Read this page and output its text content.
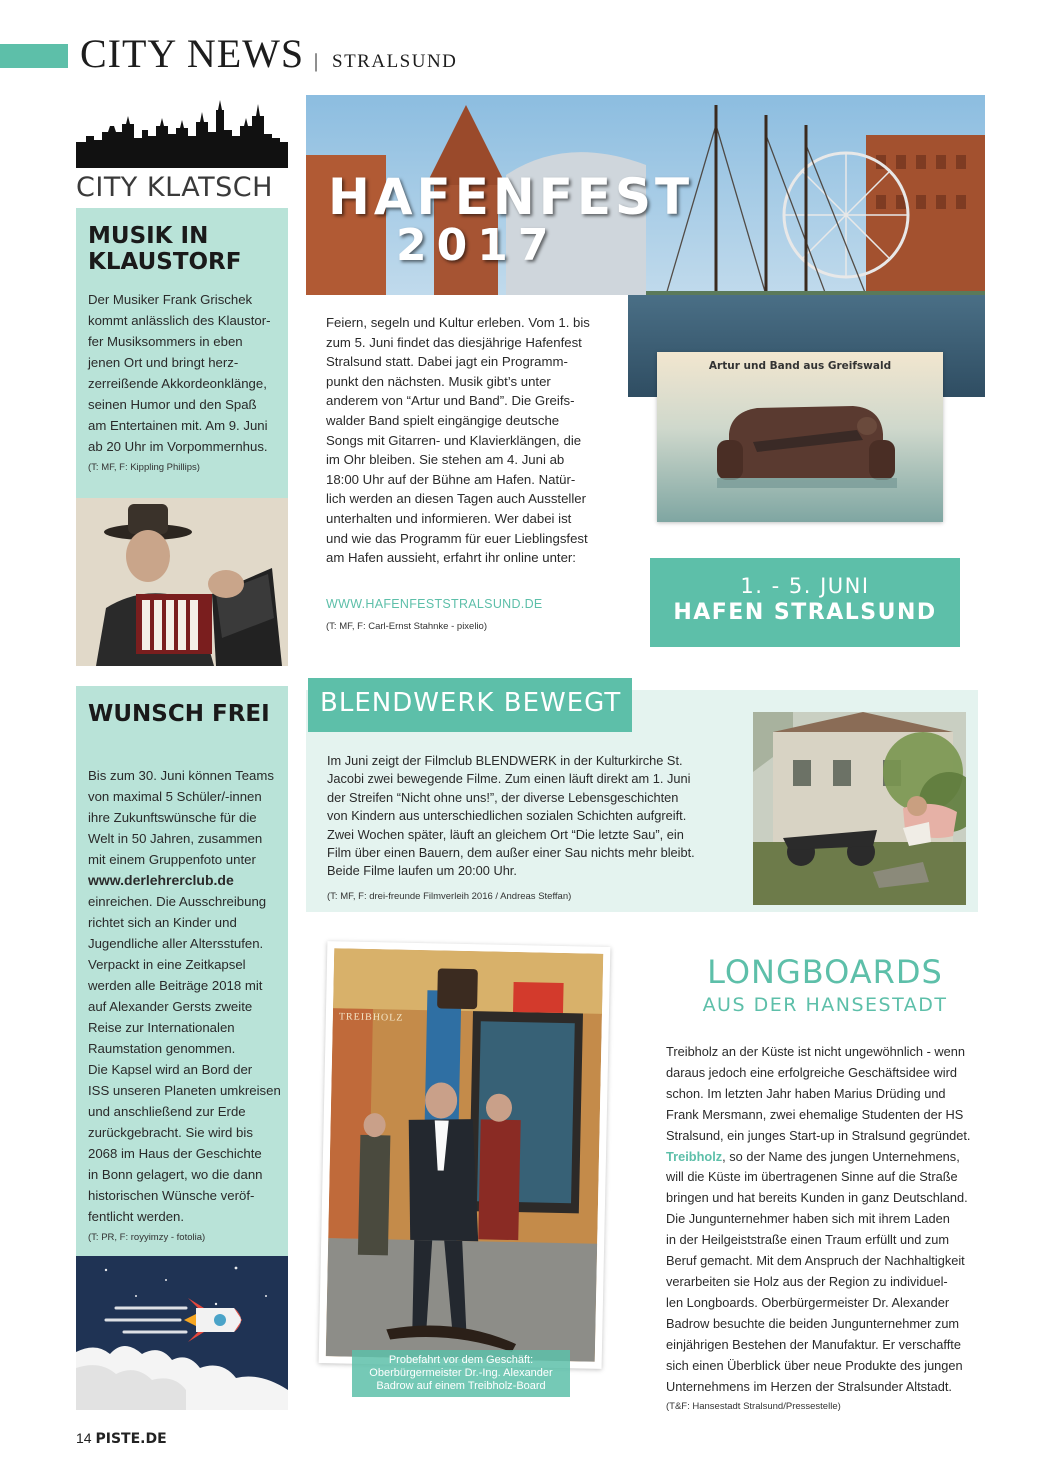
CITY NEWS | STRALSUND
CITY KLATSCH
MUSIK IN KLAUSTORF
Der Musiker Frank Grischek
kommt anlässlich des Klaustor-
fer Musiksommers in eben
jenen Ort und bringt herz-
zerreißende Akkordeonklänge,
seinen Humor und den Spaß
am Entertainen mit. Am 9. Juni
ab 20 Uhr im Vorpommernhus.
(T: MF, F: Kippling Phillips)
WUNSCH FREI
Bis zum 30. Juni können Teams
von maximal 5 Schüler/-innen
ihre Zukunftswünsche für die
Welt in 50 Jahren, zusammen
mit einem Gruppenfoto unter
www.derlehrerclub.de
einreichen. Die Ausschreibung
richtet sich an Kinder und
Jugendliche aller Altersstufen.
Verpackt in eine Zeitkapsel
werden alle Beiträge 2018 mit
auf Alexander Gersts zweite
Reise zur Internationalen
Raumstation genommen.
Die Kapsel wird an Bord der
ISS unseren Planeten umkreisen
und anschließend zur Erde
zurückgebracht. Sie wird bis
2068 im Haus der Geschichte
in Bonn gelagert, wo die dann
historischen Wünsche veröf-
fentlicht werden.
(T: PR, F: royyimzy - fotolia)
HAFENFEST
2017
Feiern, segeln und Kultur erleben. Vom 1. bis
zum 5. Juni findet das diesjährige Hafenfest
Stralsund statt. Dabei jagt ein Programm-
punkt den nächsten. Musik gibt’s unter
anderem von “Artur und Band”. Die Greifs-
walder Band spielt eingängige deutsche
Songs mit Gitarren- und Klavierklängen, die
im Ohr bleiben. Sie stehen am 4. Juni ab
18:00 Uhr auf der Bühne am Hafen. Natür-
lich werden an diesen Tagen auch Aussteller
unterhalten und informieren. Wer dabei ist
und wie das Programm für euer Lieblingsfest
am Hafen aussieht, erfahrt ihr online unter:
WWW.HAFENFESTSTRALSUND.DE
(T: MF, F: Carl-Ernst Stahnke - pixelio)
Artur und Band aus Greifswald
1. - 5. JUNI
HAFEN STRALSUND
BLENDWERK BEWEGT
Im Juni zeigt der Filmclub BLENDWERK in der Kulturkirche St.
Jacobi zwei bewegende Filme. Zum einen läuft direkt am 1. Juni
der Streifen “Nicht ohne uns!”, der diverse Lebensgeschichten
von Kindern aus unterschiedlichen sozialen Schichten aufgreift.
Zwei Wochen später, läuft an gleichem Ort “Die letzte Sau”, ein
Film über einen Bauern, dem außer einer Sau nichts mehr bleibt.
Beide Filme laufen um 20:00 Uhr.
(T: MF, F: drei-freunde Filmverleih 2016 / Andreas Steffan)
TREIBHOLZ
Probefahrt vor dem Geschäft:
Oberbürgermeister Dr.-Ing. Alexander
Badrow auf einem Treibholz-Board
LONGBOARDS
AUS DER HANSESTADT
Treibholz an der Küste ist nicht ungewöhnlich - wenn
daraus jedoch eine erfolgreiche Geschäftsidee wird
schon. Im letzten Jahr haben Marius Drüding und
Frank Mersmann, zwei ehemalige Studenten der HS
Stralsund, ein junges Start-up in Stralsund gegründet.
Treibholz, so der Name des jungen Unternehmens,
will die Küste im übertragenen Sinne auf die Straße
bringen und hat bereits Kunden in ganz Deutschland.
Die Jungunternehmer haben sich mit ihrem Laden
in der Heilgeiststraße einen Traum erfüllt und zum
Beruf gemacht. Mit dem Anspruch der Nachhaltigkeit
verarbeiten sie Holz aus der Region zu individuel-
len Longboards. Oberbürgermeister Dr. Alexander
Badrow besuchte die beiden Jungunternehmer zum
einjährigen Bestehen der Manufaktur. Er verschaffte
sich einen Überblick über neue Produkte des jungen
Unternehmens im Herzen der Stralsunder Altstadt.
(T&F: Hansestadt Stralsund/Pressestelle)
14 PISTE.DE
